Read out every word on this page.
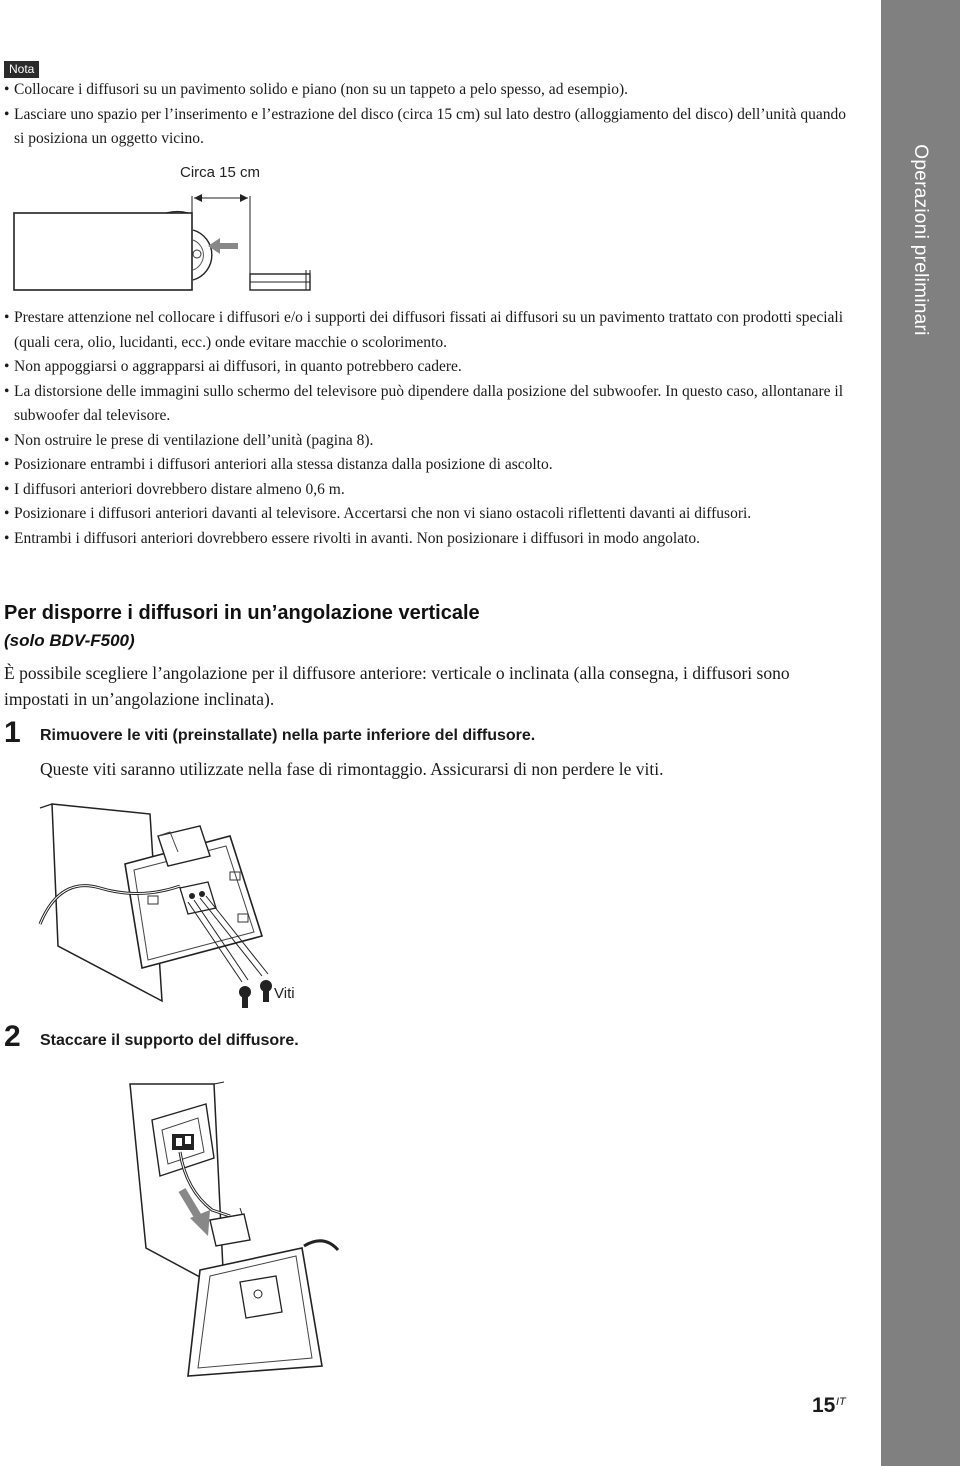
Operazioni preliminari
Nota
• Collocare i diffusori su un pavimento solido e piano (non su un tappeto a pelo spesso, ad esempio).
• Lasciare uno spazio per l’inserimento e l’estrazione del disco (circa 15 cm) sul lato destro (alloggiamento del disco) dell’unità quando si posiziona un oggetto vicino.
Circa 15 cm
• Prestare attenzione nel collocare i diffusori e/o i supporti dei diffusori fissati ai diffusori su un pavimento trattato con prodotti speciali (quali cera, olio, lucidanti, ecc.) onde evitare macchie o scolorimento.
• Non appoggiarsi o aggrapparsi ai diffusori, in quanto potrebbero cadere.
• La distorsione delle immagini sullo schermo del televisore può dipendere dalla posizione del subwoofer. In questo caso, allontanare il subwoofer dal televisore.
• Non ostruire le prese di ventilazione dell’unità (pagina 8).
• Posizionare entrambi i diffusori anteriori alla stessa distanza dalla posizione di ascolto.
• I diffusori anteriori dovrebbero distare almeno 0,6 m.
• Posizionare i diffusori anteriori davanti al televisore. Accertarsi che non vi siano ostacoli riflettenti davanti ai diffusori.
• Entrambi i diffusori anteriori dovrebbero essere rivolti in avanti. Non posizionare i diffusori in modo angolato.
Per disporre i diffusori in un’angolazione verticale
(solo BDV-F500)

È possibile scegliere l’angolazione per il diffusore anteriore: verticale o inclinata (alla consegna, i diffusori sono impostati in un’angolazione inclinata).

1 Rimuovere le viti (preinstallate) nella parte inferiore del diffusore.
Queste viti saranno utilizzate nella fase di rimontaggio. Assicurarsi di non perdere le viti.
Viti
2 Staccare il supporto del diffusore.
15 IT
